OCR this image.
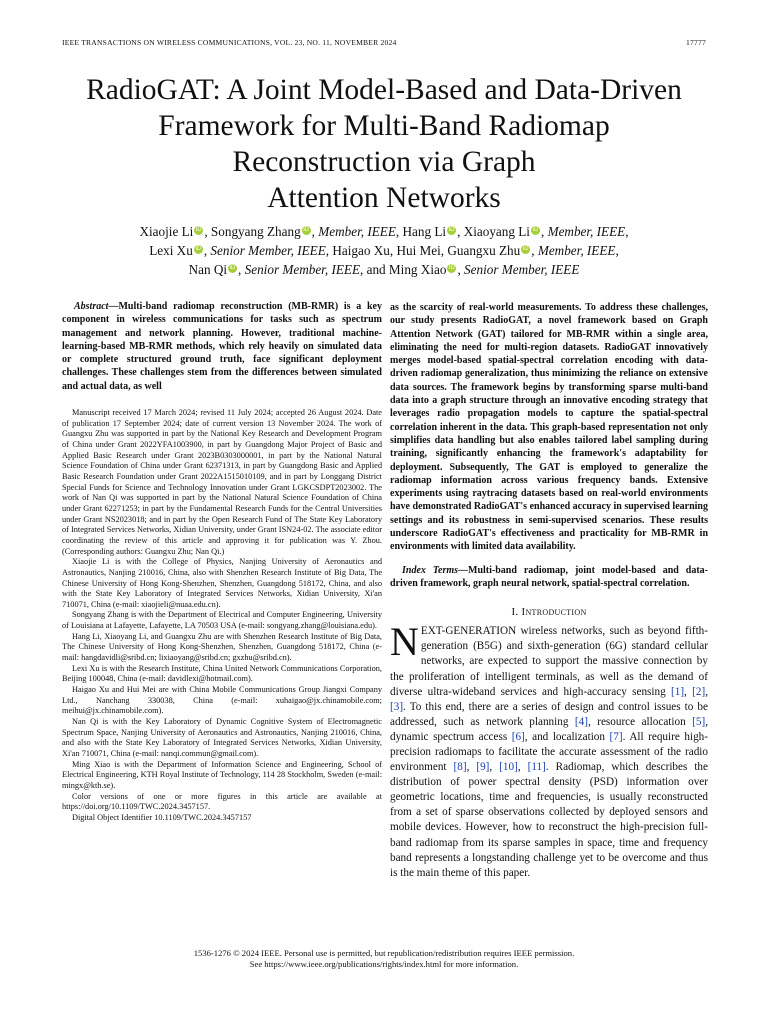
IEEE TRANSACTIONS ON WIRELESS COMMUNICATIONS, VOL. 23, NO. 11, NOVEMBER 2024	17777
RadioGAT: A Joint Model-Based and Data-Driven
Framework for Multi-Band Radiomap
Reconstruction via Graph
Attention Networks
Xiaojie Li iD , Songyang Zhang iD , Member, IEEE, Hang Li iD , Xiaoyang Li iD , Member, IEEE,
Lexi Xu iD , Senior Member, IEEE, Haigao Xu, Hui Mei, Guangxu Zhu iD , Member, IEEE,
Nan Qi iD , Senior Member, IEEE, and Ming Xiao iD , Senior Member, IEEE

Abstract—Multi-band radiomap reconstruction (MB-RMR) is a key component in wireless communications for tasks such as spectrum management and network planning. However, traditional machine-learning-based MB-RMR methods, which rely heavily on simulated data or complete structured ground truth, face significant deployment challenges. These challenges stem from the differences between simulated and actual data, as well

Manuscript received 17 March 2024; revised 11 July 2024; accepted 26 August 2024. Date of publication 17 September 2024; date of current version 13 November 2024. The work of Guangxu Zhu was supported in part by the National Key Research and Development Program of China under Grant 2022YFA1003900, in part by Guangdong Major Project of Basic and Applied Basic Research under Grant 2023B0303000001, in part by the National Natural Science Foundation of China under Grant 62371313, in part by Guangdong Basic and Applied Basic Research Foundation under Grant 2022A1515010109, and in part by Longgang District Special Funds for Science and Technology Innovation under Grant LGKCSDPT2023002. The work of Nan Qi was supported in part by the National Natural Science Foundation of China under Grant 62271253; in part by the Fundamental Research Funds for the Central Universities under Grant NS2023018; and in part by the Open Research Fund of The State Key Laboratory of Integrated Services Networks, Xidian University, under Grant ISN24-02. The associate editor coordinating the review of this article and approving it for publication was Y. Zhou. (Corresponding authors: Guangxu Zhu; Nan Qi.)

Xiaojie Li is with the College of Physics, Nanjing University of Aeronautics and Astronautics, Nanjing 210016, China, also with Shenzhen Research Institute of Big Data, The Chinese University of Hong Kong-Shenzhen, Shenzhen, Guangdong 518172, China, and also with the State Key Laboratory of Integrated Services Networks, Xidian University, Xi'an 710071, China (e-mail: xiaojieli@nuaa.edu.cn).

Songyang Zhang is with the Department of Electrical and Computer Engineering, University of Louisiana at Lafayette, Lafayette, LA 70503 USA (e-mail: songyang.zhang@louisiana.edu).

Hang Li, Xiaoyang Li, and Guangxu Zhu are with Shenzhen Research Institute of Big Data, The Chinese University of Hong Kong-Shenzhen, Shenzhen, Guangdong 518172, China (e-mail: hangdavidli@sribd.cn; lixiaoyang@sribd.cn; gxzhu@sribd.cn).

Lexi Xu is with the Research Institute, China United Network Communications Corporation, Beijing 100048, China (e-mail: davidlexi@hotmail.com).

Haigao Xu and Hui Mei are with China Mobile Communications Group Jiangxi Company Ltd., Nanchang 330038, China (e-mail: xuhaigao@jx.chinamobile.com; meihui@jx.chinamobile.com).

Nan Qi is with the Key Laboratory of Dynamic Cognitive System of Electromagnetic Spectrum Space, Nanjing University of Aeronautics and Astronautics, Nanjing 210016, China, and also with the State Key Laboratory of Integrated Services Networks, Xidian University, Xi'an 710071, China (e-mail: nanqi.commun@gmail.com).

Ming Xiao is with the Department of Information Science and Engineering, School of Electrical Engineering, KTH Royal Institute of Technology, 114 28 Stockholm, Sweden (e-mail: mingx@kth.se).

Color versions of one or more figures in this article are available at https://doi.org/10.1109/TWC.2024.3457157.

Digital Object Identifier 10.1109/TWC.2024.3457157

as the scarcity of real-world measurements. To address these challenges, our study presents RadioGAT, a novel framework based on Graph Attention Network (GAT) tailored for MB-RMR within a single area, eliminating the need for multi-region datasets. RadioGAT innovatively merges model-based spatial-spectral correlation encoding with data-driven radiomap generalization, thus minimizing the reliance on extensive data sources. The framework begins by transforming sparse multi-band data into a graph structure through an innovative encoding strategy that leverages radio propagation models to capture the spatial-spectral correlation inherent in the data. This graph-based representation not only simplifies data handling but also enables tailored label sampling during training, significantly enhancing the framework's adaptability for deployment. Subsequently, The GAT is employed to generalize the radiomap information across various frequency bands. Extensive experiments using raytracing datasets based on real-world environments have demonstrated RadioGAT's enhanced accuracy in supervised learning settings and its robustness in semi-supervised scenarios. These results underscore RadioGAT's effectiveness and practicality for MB-RMR in environments with limited data availability.

Index Terms—Multi-band radiomap, joint model-based and data-driven framework, graph neural network, spatial-spectral correlation.

I. Introduction

NEXT-GENERATION wireless networks, such as beyond fifth-generation (B5G) and sixth-generation (6G) standard cellular networks, are expected to support the massive connection by the proliferation of intelligent terminals, as well as the demand of diverse ultra-wideband services and high-accuracy sensing [1], [2], [3]. To this end, there are a series of design and control issues to be addressed, such as network planning [4], resource allocation [5], dynamic spectrum access [6], and localization [7]. All require high-precision radiomaps to facilitate the accurate assessment of the radio environment [8], [9], [10], [11]. Radiomap, which describes the distribution of power spectral density (PSD) information over geometric locations, time and frequencies, is usually reconstructed from a set of sparse observations collected by deployed sensors and mobile devices. However, how to reconstruct the high-precision full-band radiomap from its sparse samples in space, time and frequency band represents a longstanding challenge yet to be overcome and thus is the main theme of this paper.

1536-1276 © 2024 IEEE. Personal use is permitted, but republication/redistribution requires IEEE permission.
See https://www.ieee.org/publications/rights/index.html for more information.
